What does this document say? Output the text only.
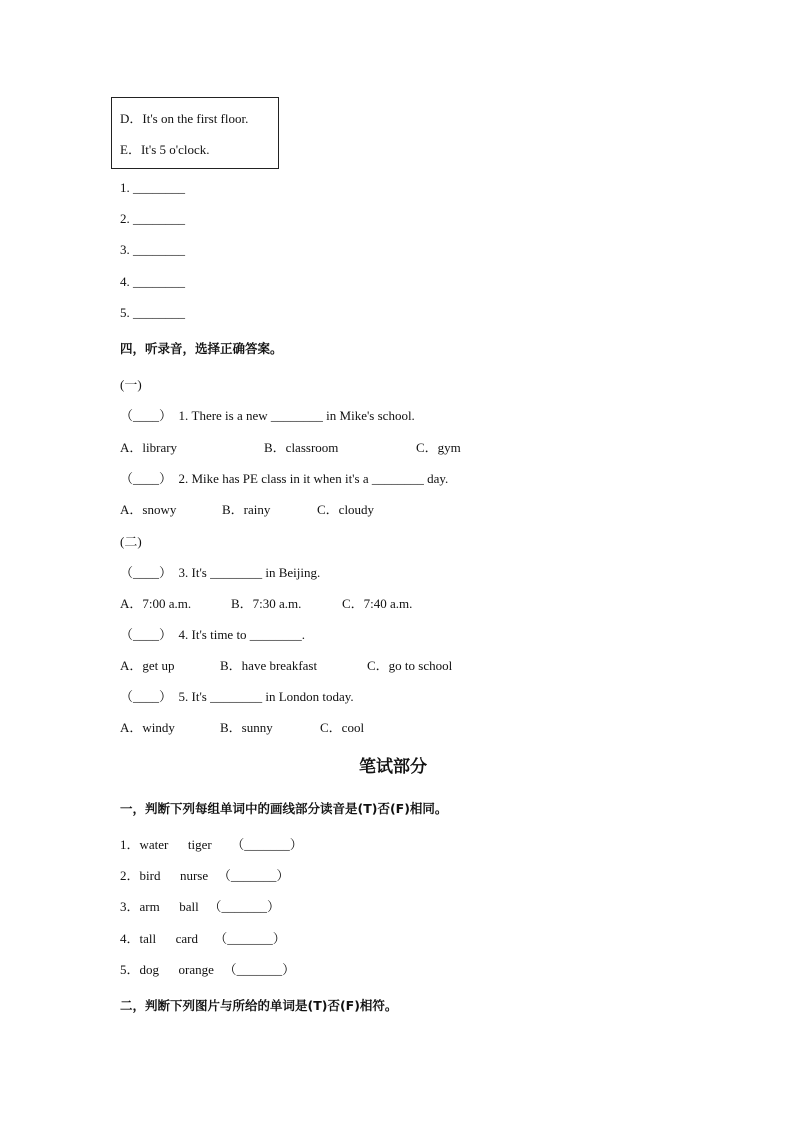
D．It's on the first floor.
E．It's 5 o'clock.
1. ________
2. ________
3. ________
4. ________
5. ________
四，听录音，选择正确答案。
(一)
（____）  1. There is a new ________ in Mike's school.
A．library	B．classroom	C．gym
（____）  2. Mike has PE class in it when it's a ________ day.
A．snowy	B．rainy	C．cloudy
(二)
（____）  3. It's ________ in Beijing.
A．7:00 a.m.	B．7:30 a.m.	C．7:40 a.m.
（____）  4. It's time to ________.
A．get up	B．have breakfast	C．go to school
（____）  5. It's ________ in London today.
A．windy	B．sunny	C．cool
笔试部分
一，判断下列每组单词中的画线部分读音是(T)否(F)相同。
1．water      tiger      （_______）
2．bird      nurse   （_______）
3．arm      ball   （_______）
4．tall      card     （_______）
5．dog      orange   （_______）
二，判断下列图片与所给的单词是(T)否(F)相符。
